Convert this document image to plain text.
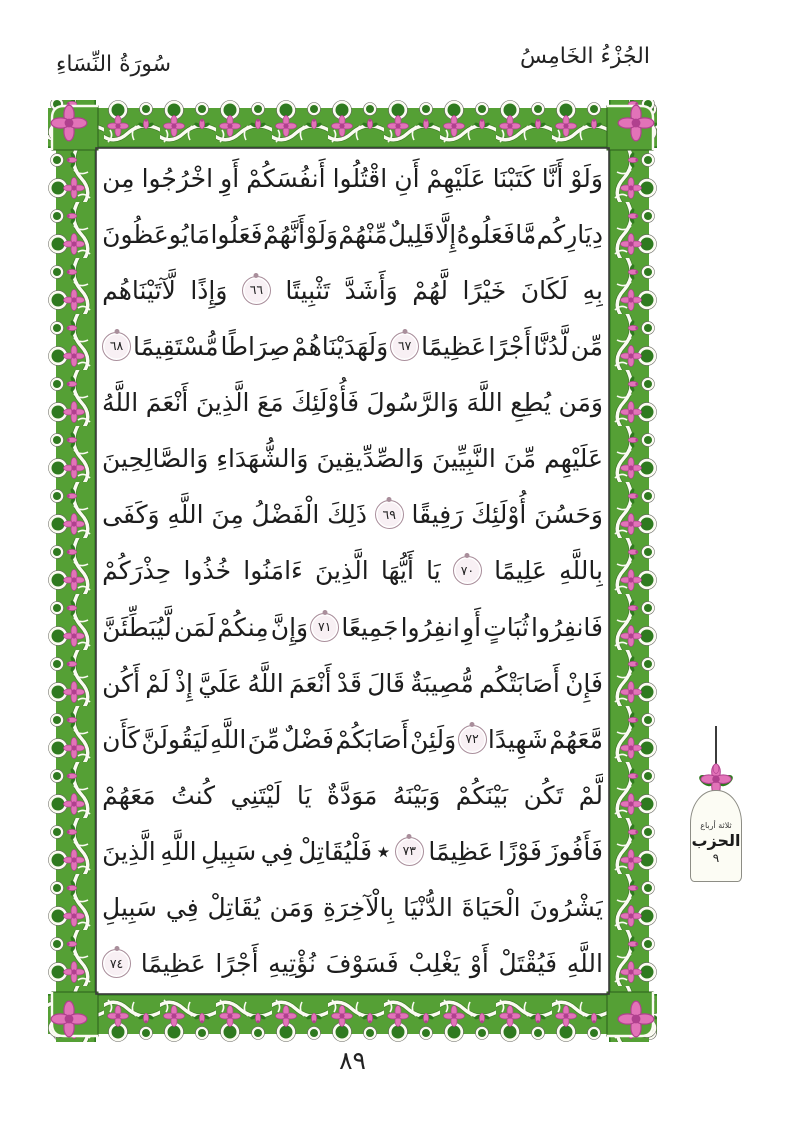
الجُزْءُ الخَامِسُ
سُورَةُ النِّسَاءِ
وَلَوْ
أَنَّا
كَتَبْنَا
عَلَيْهِمْ
أَنِ
اقْتُلُوا
أَنفُسَكُمْ
أَوِ
اخْرُجُوا
مِن
دِيَارِكُم
مَّا
فَعَلُوهُ
إِلَّا
قَلِيلٌ
مِّنْهُمْ
وَلَوْ
أَنَّهُمْ
فَعَلُوا
مَا
يُوعَظُونَ
بِهِ
لَكَانَ
خَيْرًا
لَّهُمْ
وَأَشَدَّ
تَثْبِيتًا
٦٦
وَإِذًا
لَّآتَيْنَاهُم
مِّن
لَّدُنَّا
أَجْرًا
عَظِيمًا
٦٧
وَلَهَدَيْنَاهُمْ
صِرَاطًا
مُّسْتَقِيمًا
٦٨
وَمَن
يُطِعِ
اللَّهَ
وَالرَّسُولَ
فَأُوْلَئِكَ
مَعَ
الَّذِينَ
أَنْعَمَ
اللَّهُ
عَلَيْهِم
مِّنَ
النَّبِيِّينَ
وَالصِّدِّيقِينَ
وَالشُّهَدَاءِ
وَالصَّالِحِينَ
وَحَسُنَ
أُوْلَئِكَ
رَفِيقًا
٦٩
ذَلِكَ
الْفَضْلُ
مِنَ
اللَّهِ
وَكَفَى
بِاللَّهِ
عَلِيمًا
٧٠
يَا
أَيُّهَا
الَّذِينَ
ءَامَنُوا
خُذُوا
حِذْرَكُمْ
فَانفِرُوا
ثُبَاتٍ
أَوِ
انفِرُوا
جَمِيعًا
٧١
وَإِنَّ
مِنكُمْ
لَمَن
لَّيُبَطِّئَنَّ
فَإِنْ
أَصَابَتْكُم
مُّصِيبَةٌ
قَالَ
قَدْ
أَنْعَمَ
اللَّهُ
عَلَيَّ
إِذْ
لَمْ
أَكُن
مَّعَهُمْ
شَهِيدًا
٧٢
وَلَئِنْ
أَصَابَكُمْ
فَضْلٌ
مِّنَ
اللَّهِ
لَيَقُولَنَّ
كَأَن
لَّمْ
تَكُن
بَيْنَكُمْ
وَبَيْنَهُ
مَوَدَّةٌ
يَا
لَيْتَنِي
كُنتُ
مَعَهُمْ
فَأَفُوزَ
فَوْزًا
عَظِيمًا
٧٣
٭
فَلْيُقَاتِلْ
فِي
سَبِيلِ
اللَّهِ
الَّذِينَ
يَشْرُونَ
الْحَيَاةَ
الدُّنْيَا
بِالْآخِرَةِ
وَمَن
يُقَاتِلْ
فِي
سَبِيلِ
اللَّهِ
فَيُقْتَلْ
أَوْ
يَغْلِبْ
فَسَوْفَ
نُؤْتِيهِ
أَجْرًا
عَظِيمًا
٧٤
ثلاثة أرباع
الحزب
٩
٨٩
